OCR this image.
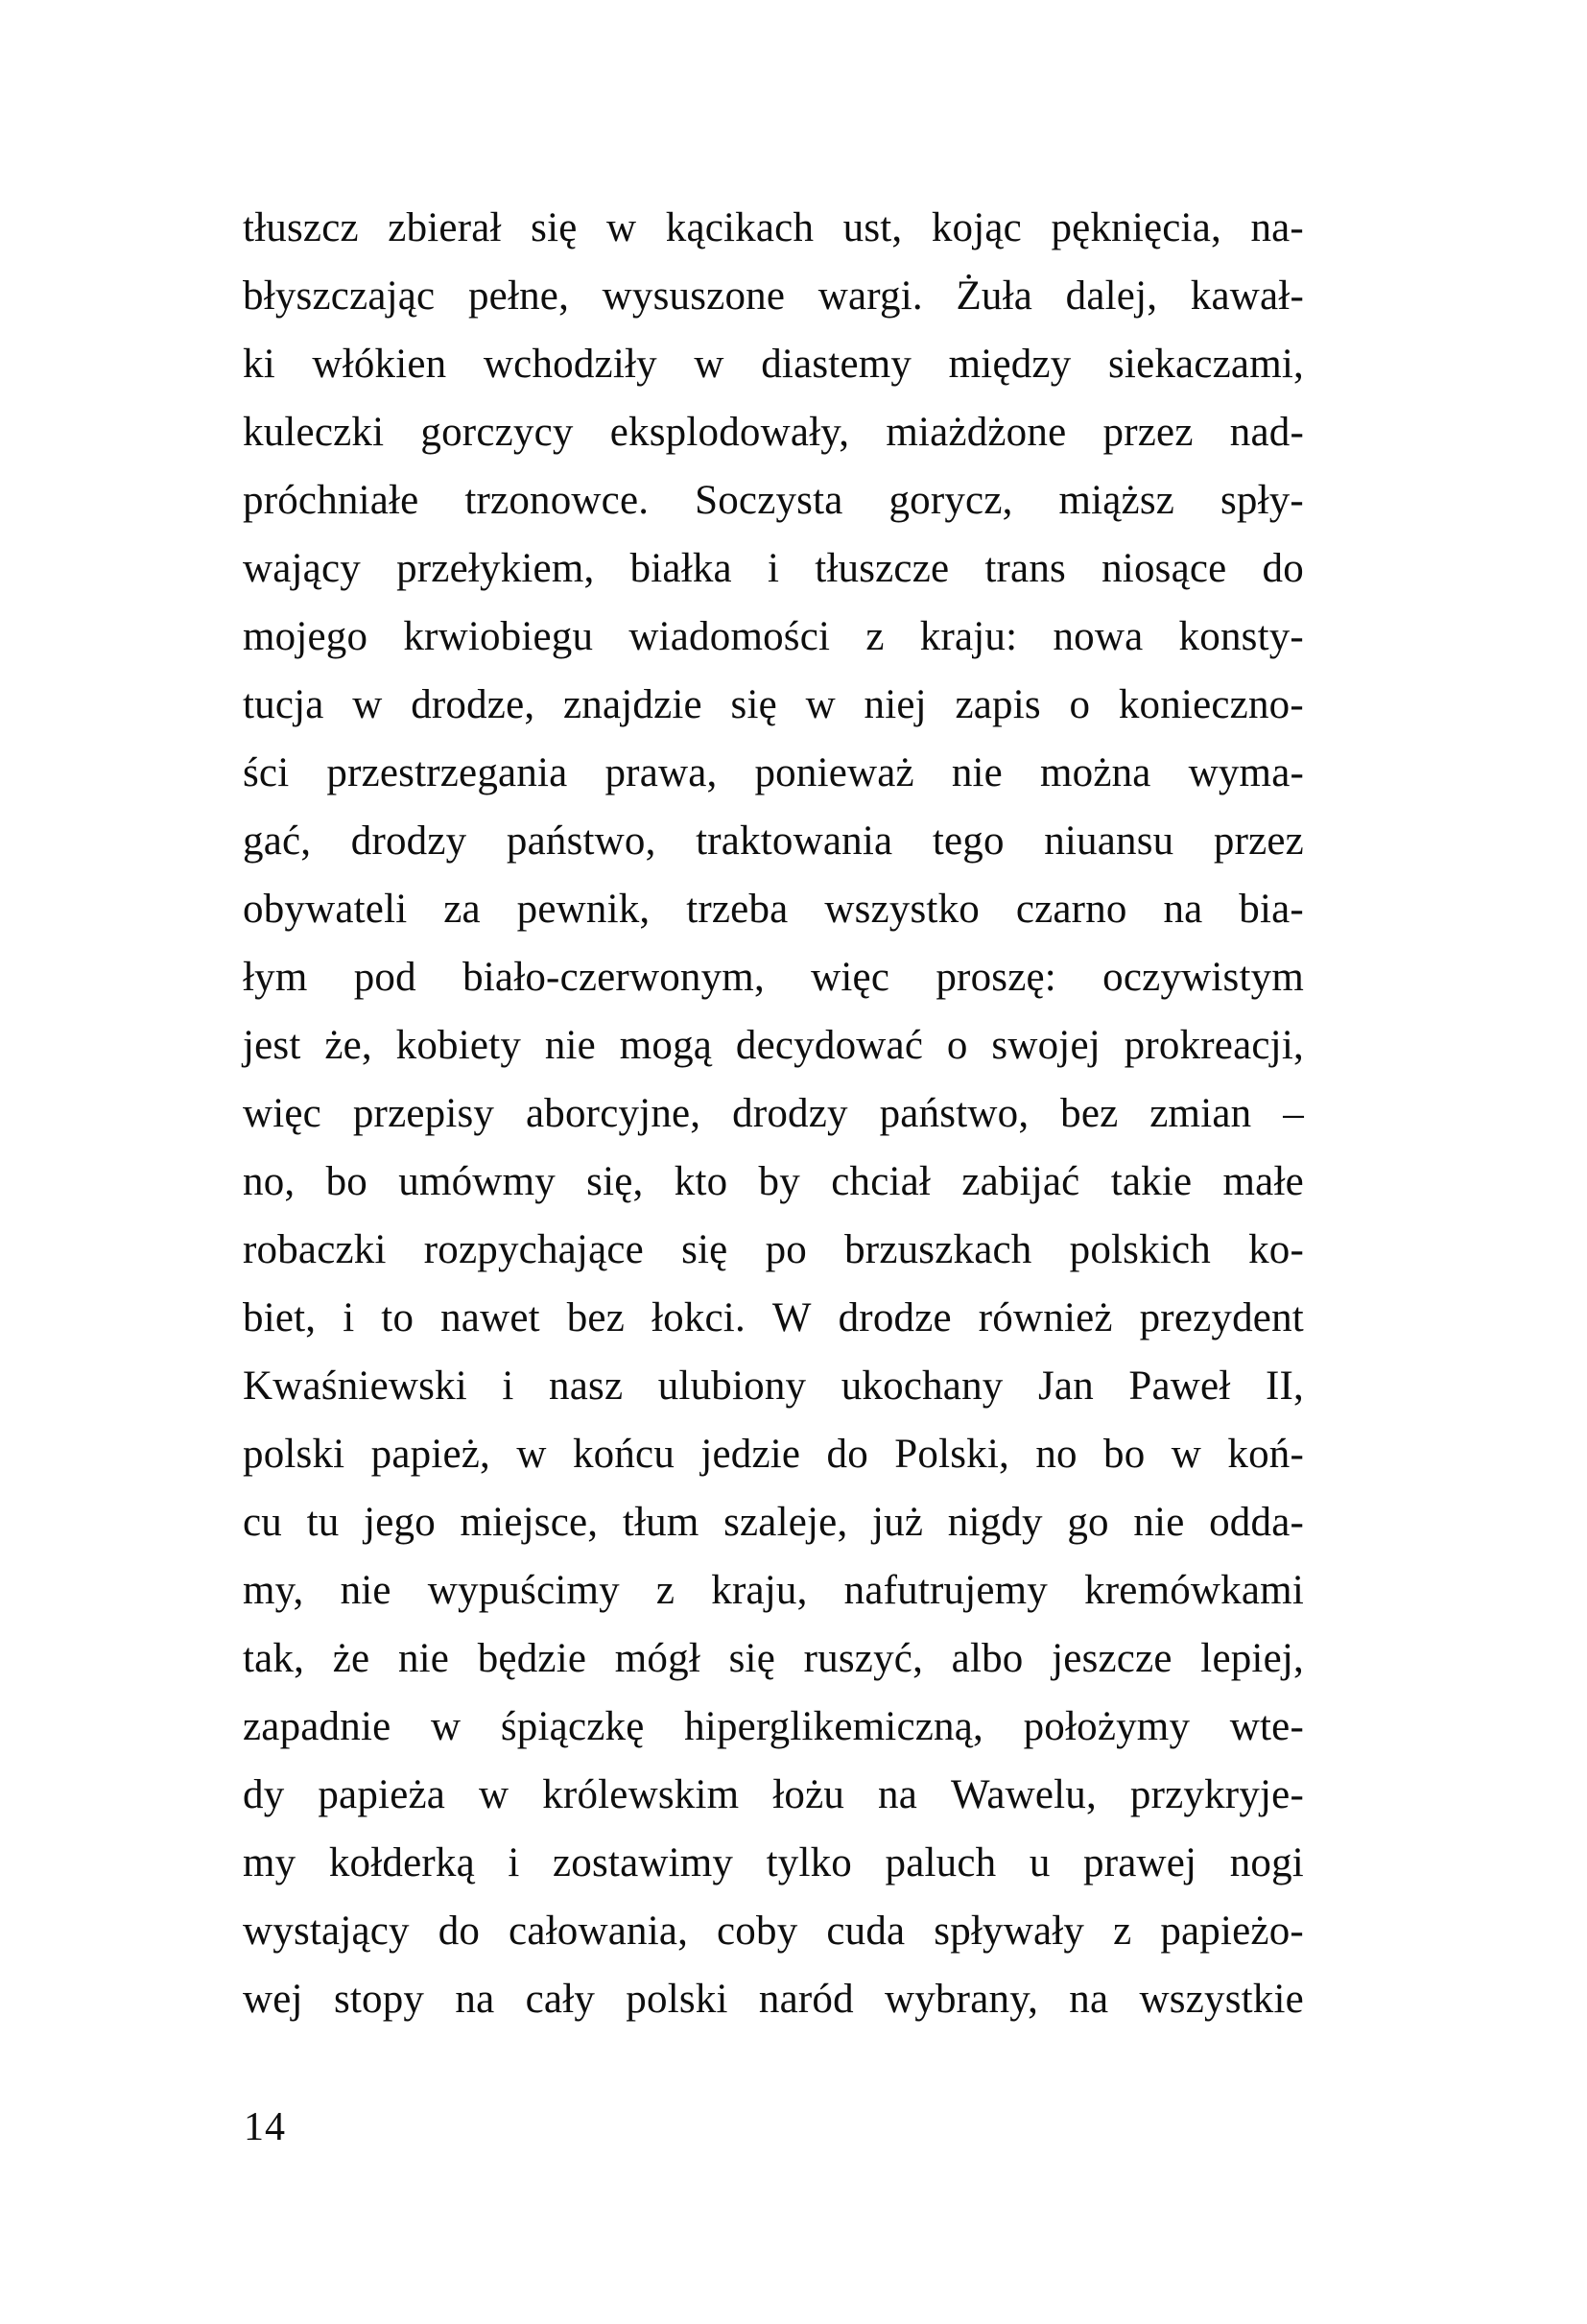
tłuszcz zbierał się w kącikach ust, kojąc pęknięcia, na-
błyszczając pełne, wysuszone wargi. Żuła dalej, kawał-
ki włókien wchodziły w diastemy między siekaczami,
kuleczki gorczycy eksplodowały, miażdżone przez nad-
próchniałe trzonowce. Soczysta gorycz, miąższ spły-
wający przełykiem, białka i tłuszcze trans niosące do
mojego krwiobiegu wiadomości z kraju: nowa konsty-
tucja w drodze, znajdzie się w niej zapis o konieczno-
ści przestrzegania prawa, ponieważ nie można wyma-
gać, drodzy państwo, traktowania tego niuansu przez
obywateli za pewnik, trzeba wszystko czarno na bia-
łym pod biało-czerwonym, więc proszę: oczywistym
jest że, kobiety nie mogą decydować o swojej prokreacji,
więc przepisy aborcyjne, drodzy państwo, bez zmian –
no, bo umówmy się, kto by chciał zabijać takie małe
robaczki rozpychające się po brzuszkach polskich ko-
biet, i to nawet bez łokci. W drodze również prezydent
Kwaśniewski i nasz ulubiony ukochany Jan Paweł II,
polski papież, w końcu jedzie do Polski, no bo w koń-
cu tu jego miejsce, tłum szaleje, już nigdy go nie odda-
my, nie wypuścimy z kraju, nafutrujemy kremówkami
tak, że nie będzie mógł się ruszyć, albo jeszcze lepiej,
zapadnie w śpiączkę hiperglikemiczną, położymy wte-
dy papieża w królewskim łożu na Wawelu, przykryje-
my kołderką i zostawimy tylko paluch u prawej nogi
wystający do całowania, coby cuda spływały z papieżo-
wej stopy na cały polski naród wybrany, na wszystkie
14
